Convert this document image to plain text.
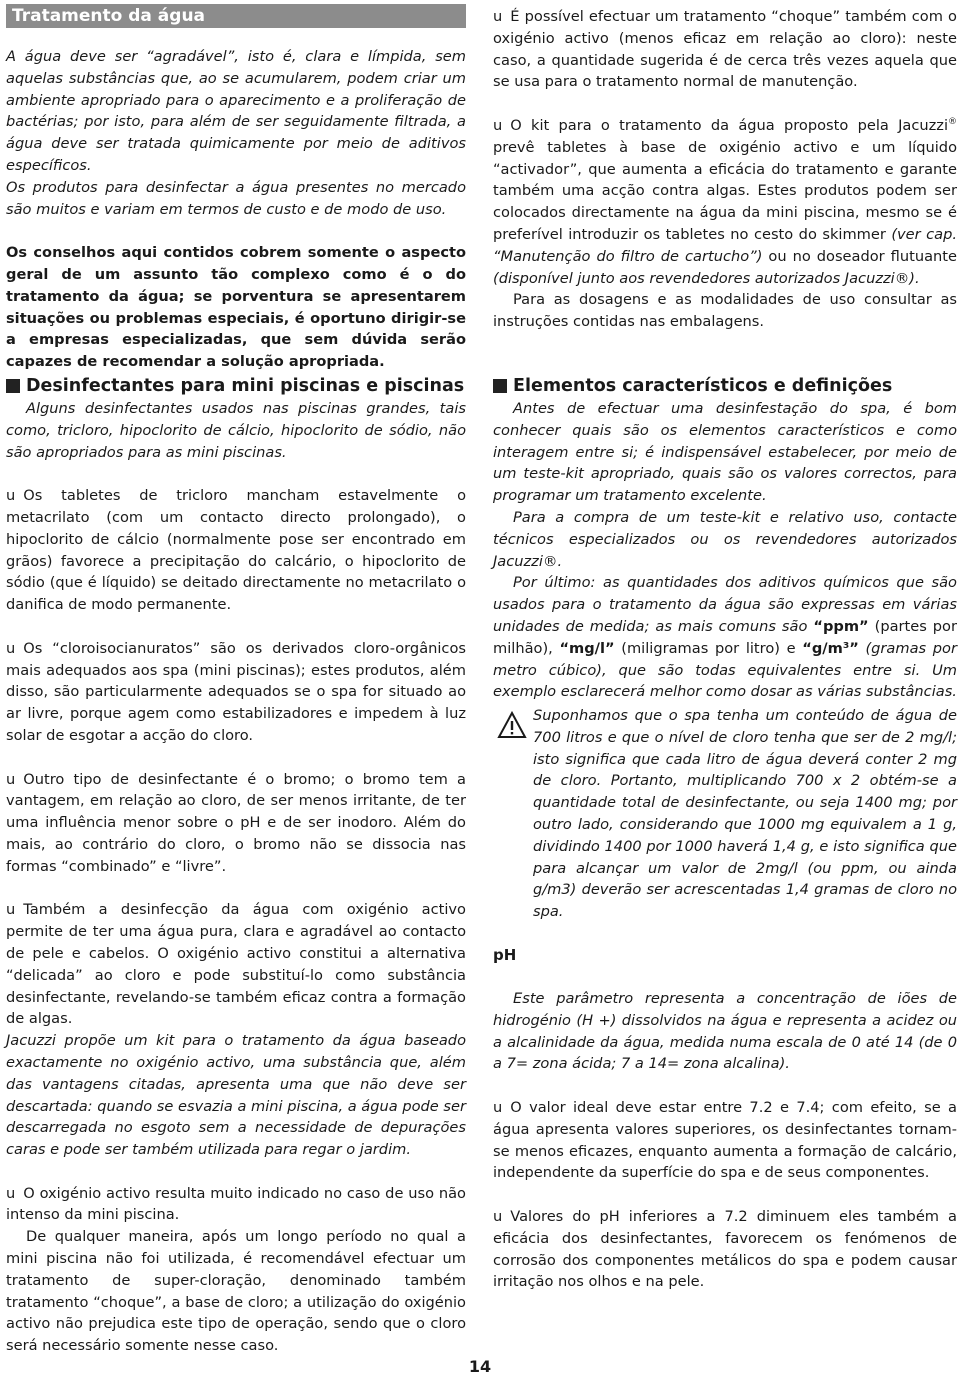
Tratamento da água

A água deve ser “agradável”, isto é, clara e límpida, sem aquelas substâncias que, ao se acumularem, podem criar um ambiente apropriado para o aparecimento e a proliferação de bactérias; por isto, para além de ser seguidamente filtrada, a água deve ser tratada quimicamente por meio de aditivos específicos.

Os produtos para desinfectar a água presentes no mercado são muitos e variam em termos de custo e de modo de uso.

Os conselhos aqui contidos cobrem somente o aspecto geral de um assunto tão complexo como é o do tratamento da água; se porventura se apresentarem situações ou problemas especiais, é oportuno dirigir-se a empresas especializadas, que sem dúvida serão capazes de recomendar a solução apropriada.

u É possível efectuar um tratamento “choque” também com o oxigénio activo (menos eficaz em relação ao cloro): neste caso, a quantidade sugerida é de cerca três vezes aquela que se usa para o tratamento normal de manutenção.

u O kit para o tratamento da água proposto pela Jacuzzi® prevê tabletes à base de oxigénio activo e um líquido “activador”, que aumenta a eficácia do tratamento e garante também uma acção contra algas. Estes produtos podem ser colocados directamente na água da mini piscina, mesmo se é preferível introduzir os tabletes no cesto do skimmer (ver cap. “Manutenção do filtro de cartucho”) ou no doseador flutuante (disponível junto aos revendedores autorizados Jacuzzi®).

Para as dosagens e as modalidades de uso consultar as instruções contidas nas embalagens.

Desinfectantes para mini piscinas e piscinas

Alguns desinfectantes usados nas piscinas grandes, tais como, tricloro, hipoclorito de cálcio, hipoclorito de sódio, não são apropriados para as mini piscinas.

u Os tabletes de tricloro mancham estavelmente o metacrilato (com um contacto directo prolongado), o hipoclorito de cálcio (normalmente pose ser encontrado em grãos) favorece a precipitação do calcário, o hipoclorito de sódio (que é líquido) se deitado directamente no metacrilato o danifica de modo permanente.

u Os “cloroisocianuratos” são os derivados cloro-orgânicos mais adequados aos spa (mini piscinas); estes produtos, além disso, são particularmente adequados se o spa for situado ao ar livre, porque agem como estabilizadores e impedem à luz solar de esgotar a acção do cloro.

u Outro tipo de desinfectante é o bromo; o bromo tem a vantagem, em relação ao cloro, de ser menos irritante, de ter uma influência menor sobre o pH e de ser inodoro. Além do mais, ao contrário do cloro, o bromo não se dissocia nas formas “combinado” e “livre”.

u Também a desinfecção da água com oxigénio activo permite de ter uma água pura, clara e agradável ao contacto de pele e cabelos. O oxigénio activo constitui a alternativa “delicada” ao cloro e pode substituí-lo como substância desinfectante, revelando-se também eficaz contra a formação de algas.

Jacuzzi propõe um kit para o tratamento da água baseado exactamente no oxigénio activo, uma substância que, além das vantagens citadas, apresenta uma que não deve ser descartada: quando se esvazia a mini piscina, a água pode ser descarregada no esgoto sem a necessidade de depurações caras e pode ser também utilizada para regar o jardim.

u O oxigénio activo resulta muito indicado no caso de uso não intenso da mini piscina.

De qualquer maneira, após um longo período no qual a mini piscina não foi utilizada, é recomendável efectuar um tratamento de super-cloração, denominado também tratamento “choque”, a base de cloro; a utilização do oxigénio activo não prejudica este tipo de operação, sendo que o cloro será necessário somente nesse caso.

Elementos característicos e definições

Antes de efectuar uma desinfestação do spa, é bom conhecer quais são os elementos característicos e como interagem entre si; é indispensável estabelecer, por meio de um teste-kit apropriado, quais são os valores correctos, para programar um tratamento excelente.

Para a compra de um teste-kit e relativo uso, contacte técnicos especializados ou os revendedores autorizados Jacuzzi®.

Por último: as quantidades dos aditivos químicos que são usados para o tratamento da água são expressas em várias unidades de medida; as mais comuns são “ppm” (partes por milhão), “mg/l” (miligramas por litro) e “g/m³” (gramas por metro cúbico), que são todas equivalentes entre si. Um exemplo esclarecerá melhor como dosar as várias substâncias.

Suponhamos que o spa tenha um conteúdo de água de 700 litros e que o nível de cloro tenha que ser de 2 mg/l; isto significa que cada litro de água deverá conter 2 mg de cloro. Portanto, multiplicando 700 x 2 obtém-se a quantidade total de desinfectante, ou seja 1400 mg; por outro lado, considerando que 1000 mg equivalem a 1 g, dividindo 1400 por 1000 haverá 1,4 g, e isto significa que para alcançar um valor de 2mg/l (ou ppm, ou ainda g/m3) deverão ser acrescentadas 1,4 gramas de cloro no spa.

pH

Este parâmetro representa a concentração de iões de hidrogénio (H +) dissolvidos na água e representa a acidez ou a alcalinidade da água, medida numa escala de 0 até 14 (de 0 a 7= zona ácida; 7 a 14= zona alcalina).

u O valor ideal deve estar entre 7.2 e 7.4; com efeito, se a água apresenta valores superiores, os desinfectantes tornam-se menos eficazes, enquanto aumenta a formação de calcário, independente da superfície do spa e de seus componentes.

u Valores do pH inferiores a 7.2 diminuem eles também a eficácia dos desinfectantes, favorecem os fenómenos de corrosão dos componentes metálicos do spa e podem causar irritação nos olhos e na pele.

14
